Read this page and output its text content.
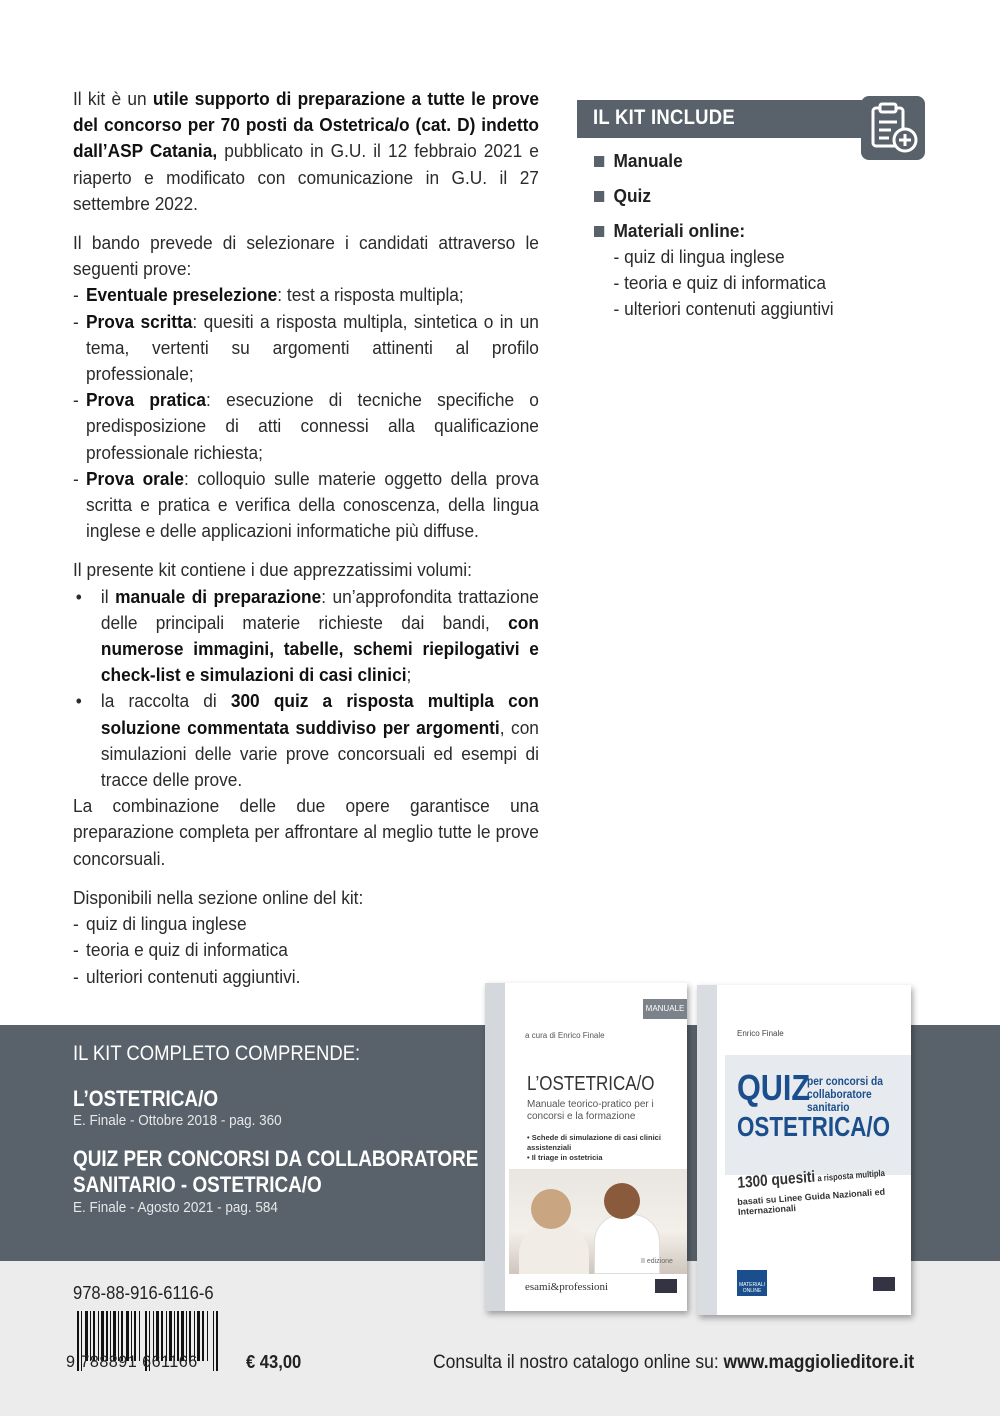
Il kit è un utile supporto di preparazione a tutte le prove del concorso per 70 posti da Ostetrica/o (cat. D) indetto dall’ASP Catania, pubblicato in G.U. il 12 febbraio 2021 e riaperto e modificato con comunicazione in G.U. il 27 settembre 2022.

Il bando prevede di selezionare i candidati attraverso le seguenti prove:

- Eventuale preselezione: test a risposta multipla;
- Prova scritta: quesiti a risposta multipla, sintetica o in un tema, vertenti su argomenti attinenti al profilo professionale;
- Prova pratica: esecuzione di tecniche specifiche o predisposizione di atti connessi alla qualificazione professionale richiesta;
- Prova orale: colloquio sulle materie oggetto della prova scritta e pratica e verifica della conoscenza, della lingua inglese e delle applicazioni informatiche più diffuse.

Il presente kit contiene i due apprezzatissimi volumi:

• il manuale di preparazione: un’approfondita trattazione delle principali materie richieste dai bandi, con numerose immagini, tabelle, schemi riepilogativi e check-list e simulazioni di casi clinici;
• la raccolta di 300 quiz a risposta multipla con soluzione commentata suddiviso per argomenti, con simulazioni delle varie prove concorsuali ed esempi di tracce delle prove.

La combinazione delle due opere garantisce una preparazione completa per affrontare al meglio tutte le prove concorsuali.

Disponibili nella sezione online del kit:

- quiz di lingua inglese
- teoria e quiz di informatica
- ulteriori contenuti aggiuntivi.
IL KIT INCLUDE
Manuale
Quiz
Materiali online:
- quiz di lingua inglese
- teoria e quiz di informatica
- ulteriori contenuti aggiuntivi
IL KIT COMPLETO COMPRENDE:
L’OSTETRICA/O
E. Finale - Ottobre 2018 - pag. 360
QUIZ PER CONCORSI DA COLLABORATORE
SANITARIO - OSTETRICA/O
E. Finale - Agosto 2021 - pag. 584
MANUALE
a cura di Enrico Finale
L’OSTETRICA/O
Manuale teorico-pratico per i concorsi e la formazione
• Schede di simulazione di casi clinici assistenziali
• Il triage in ostetricia
II edizione
esami&professioni
Enrico Finale
QUIZ
per concorsi da collaboratore sanitario
OSTETRICA/O
1300 quesiti a risposta multipla
basati su Linee Guida Nazionali ed Internazionali
MATERIALI ONLINE
978-88-916-6116-6
9 788891 661166	€ 43,00	Consulta il nostro catalogo online su: www.maggiolieditore.it
